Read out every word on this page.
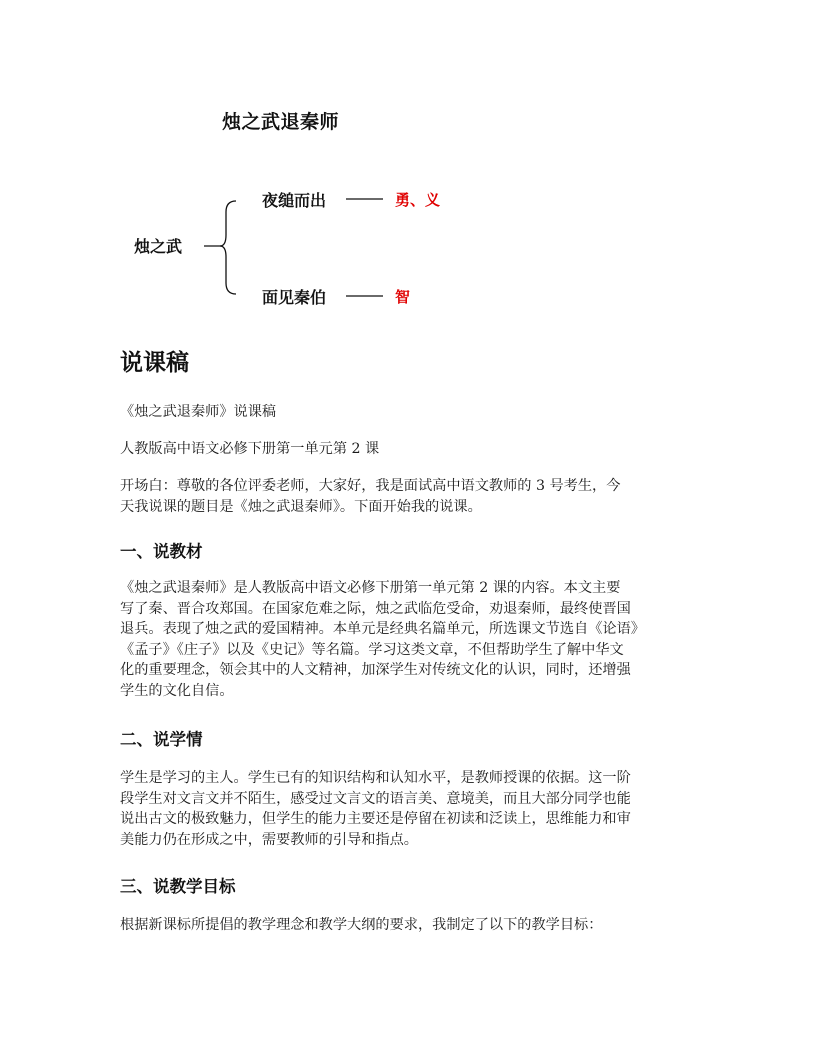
烛之武退秦师
烛之武
夜缒而出	勇、义
面见秦伯	智
说课稿
《烛之武退秦师》说课稿
人教版高中语文必修下册第一单元第 2 课
开场白：尊敬的各位评委老师，大家好，我是面试高中语文教师的 3 号考生，今
天我说课的题目是《烛之武退秦师》。下面开始我的说课。
一、说教材
《烛之武退秦师》是人教版高中语文必修下册第一单元第 2 课的内容。本文主要
写了秦、晋合攻郑国。在国家危难之际，烛之武临危受命，劝退秦师，最终使晋国
退兵。表现了烛之武的爱国精神。本单元是经典名篇单元，所选课文节选自《论语》
《孟子》《庄子》以及《史记》等名篇。学习这类文章，不但帮助学生了解中华文
化的重要理念，领会其中的人文精神，加深学生对传统文化的认识，同时，还增强
学生的文化自信。
二、说学情
学生是学习的主人。学生已有的知识结构和认知水平，是教师授课的依据。这一阶
段学生对文言文并不陌生，感受过文言文的语言美、意境美，而且大部分同学也能
说出古文的极致魅力，但学生的能力主要还是停留在初读和泛读上，思维能力和审
美能力仍在形成之中，需要教师的引导和指点。
三、说教学目标
根据新课标所提倡的教学理念和教学大纲的要求，我制定了以下的教学目标：
